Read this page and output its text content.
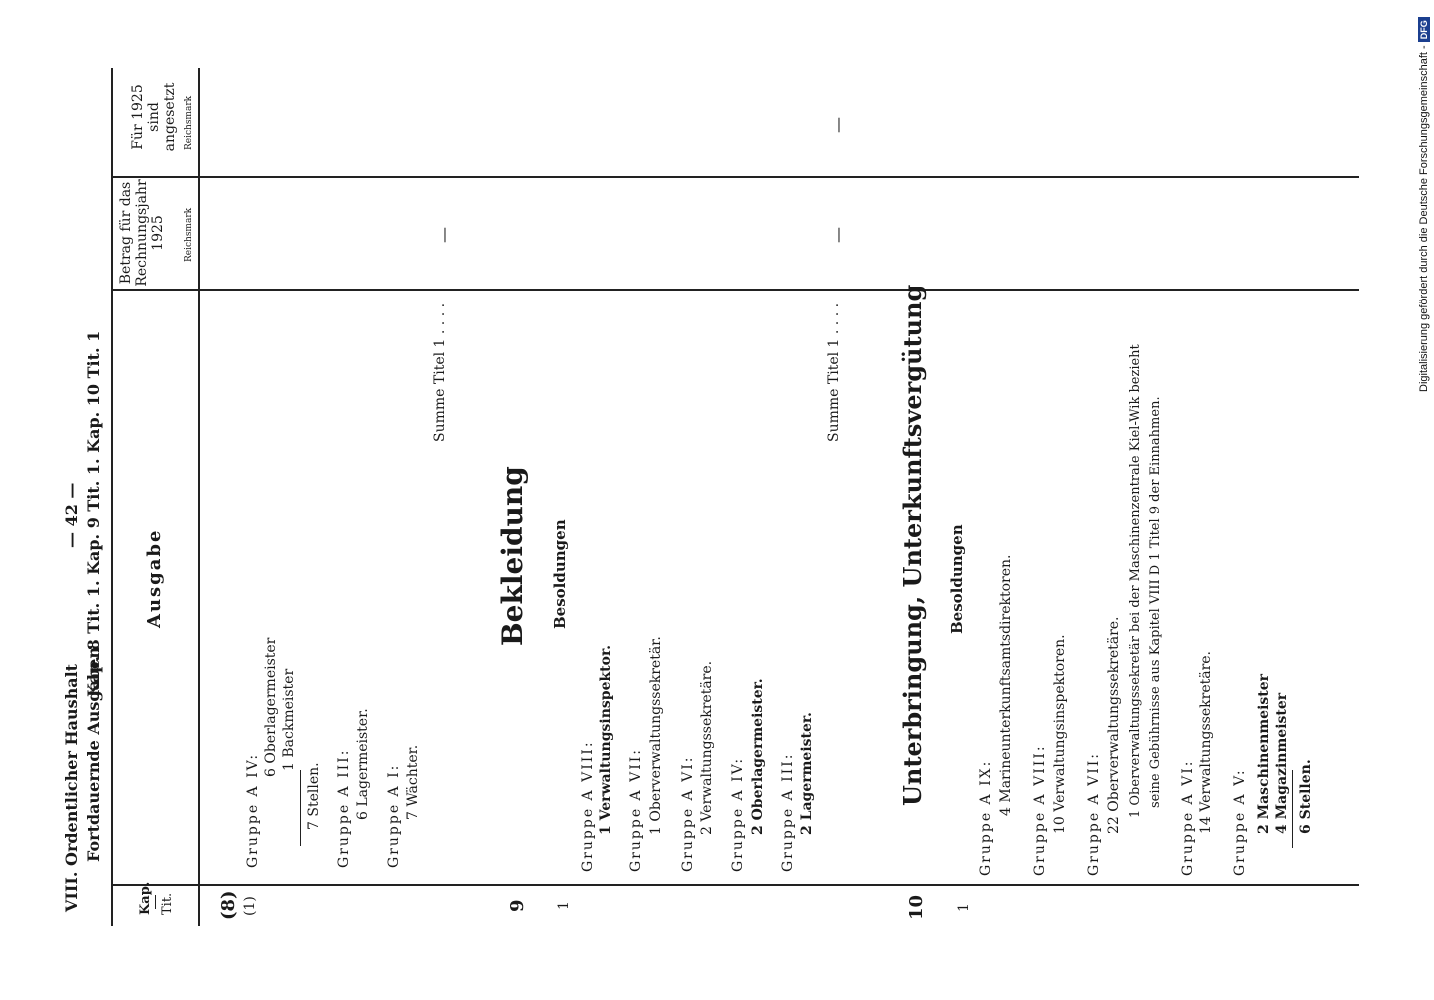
VIII. Ordentlicher Haushalt Fortdauernde Ausgaben
Kap. 8 Tit. 1. Kap. 9 Tit. 1. Kap. 10 Tit. 1
— 42 —
Kap. Tit.
Ausgabe
Betrag für das Rechnungsjahr 1925 Reichsmark
Für 1925 sind angesetzt Reichsmark
(8) (1)
Gruppe A IV:
6 Oberlagermeister 1 Backmeister
7 Stellen. Gruppe A III: 6 Lagermeister. Gruppe A I: 7 Wächter.
Summe Titel 1 . . . .
—
9 1
Bekleidung Besoldungen
Gruppe A VIII: 1 Verwaltungsinspektor. Gruppe A VII: 1 Oberverwaltungssekretär. Gruppe A VI: 2 Verwaltungssekretäre. Gruppe A IV: 2 Oberlagermeister. Gruppe A III: 2 Lagermeister.
Summe Titel 1 . . . .
—
—
10 1
Unterbringung, Unterkunftsvergütung Besoldungen
Gruppe A IX:
4 Marineunterkunftsamtsdirektoren. Gruppe A VIII: 10 Verwaltungsinspektoren. Gruppe A VII: 22 Oberverwaltungssekretäre. 1 Oberverwaltungssekretär bei der Maschinenzentrale Kiel-Wik bezieht seine Gebührnisse aus Kapitel VIII D 1 Titel 9 der Einnahmen.
Gruppe A VI: 14 Verwaltungssekretäre. Gruppe A V: 2 Maschinenmeister 4 Magazinmeister 6 Stellen.
Digitalisierung gefördert durch die Deutsche Forschungsgemeinschaft - DFG
